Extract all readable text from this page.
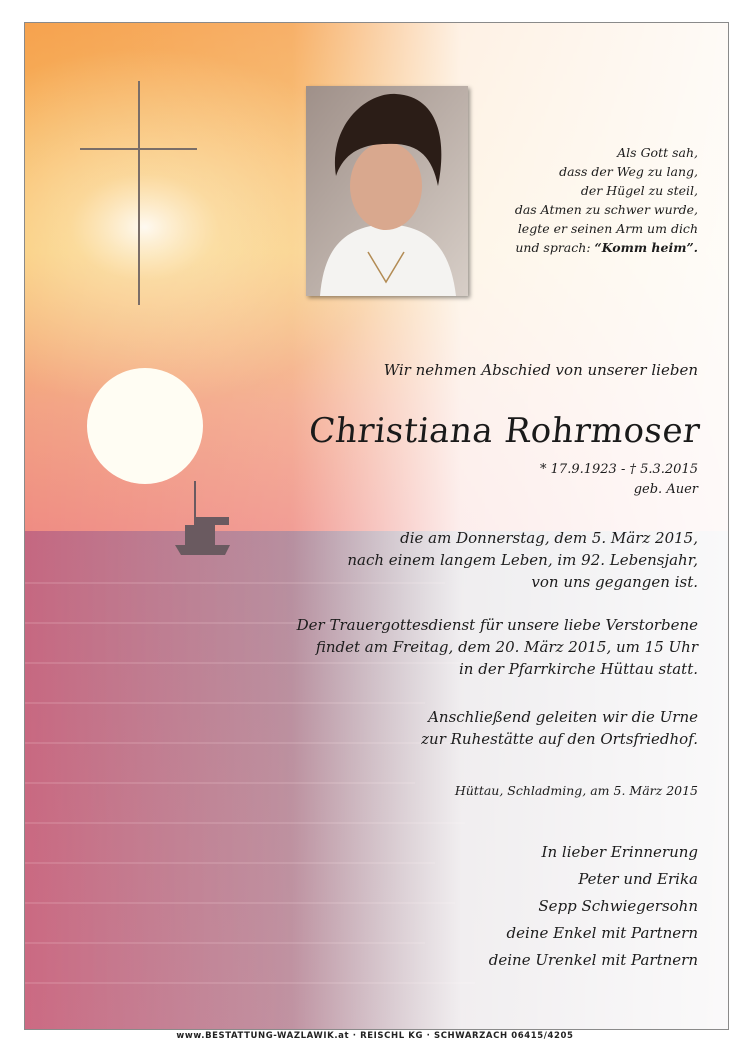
Als Gott sah,
dass der Weg zu lang,
der Hügel zu steil,
das Atmen zu schwer wurde,
legte er seinen Arm um dich
und sprach: “Komm heim”.
Wir nehmen Abschied von unserer lieben
Christiana Rohrmoser
* 17.9.1923 - † 5.3.2015
geb. Auer
die am Donnerstag, dem 5. März 2015,
nach einem langem Leben, im 92. Lebensjahr,
von uns gegangen ist.
Der Trauergottesdienst für unsere liebe Verstorbene
findet am Freitag, dem 20. März 2015, um 15 Uhr
in der Pfarrkirche Hüttau statt.
Anschließend geleiten wir die Urne
zur Ruhestätte auf den Ortsfriedhof.
Hüttau, Schladming, am 5. März 2015
In lieber Erinnerung
Peter und Erika
Sepp Schwiegersohn
deine Enkel mit Partnern
deine Urenkel mit Partnern
www.BESTATTUNG-WAZLAWIK.at · REISCHL KG · SCHWARZACH 06415/4205
